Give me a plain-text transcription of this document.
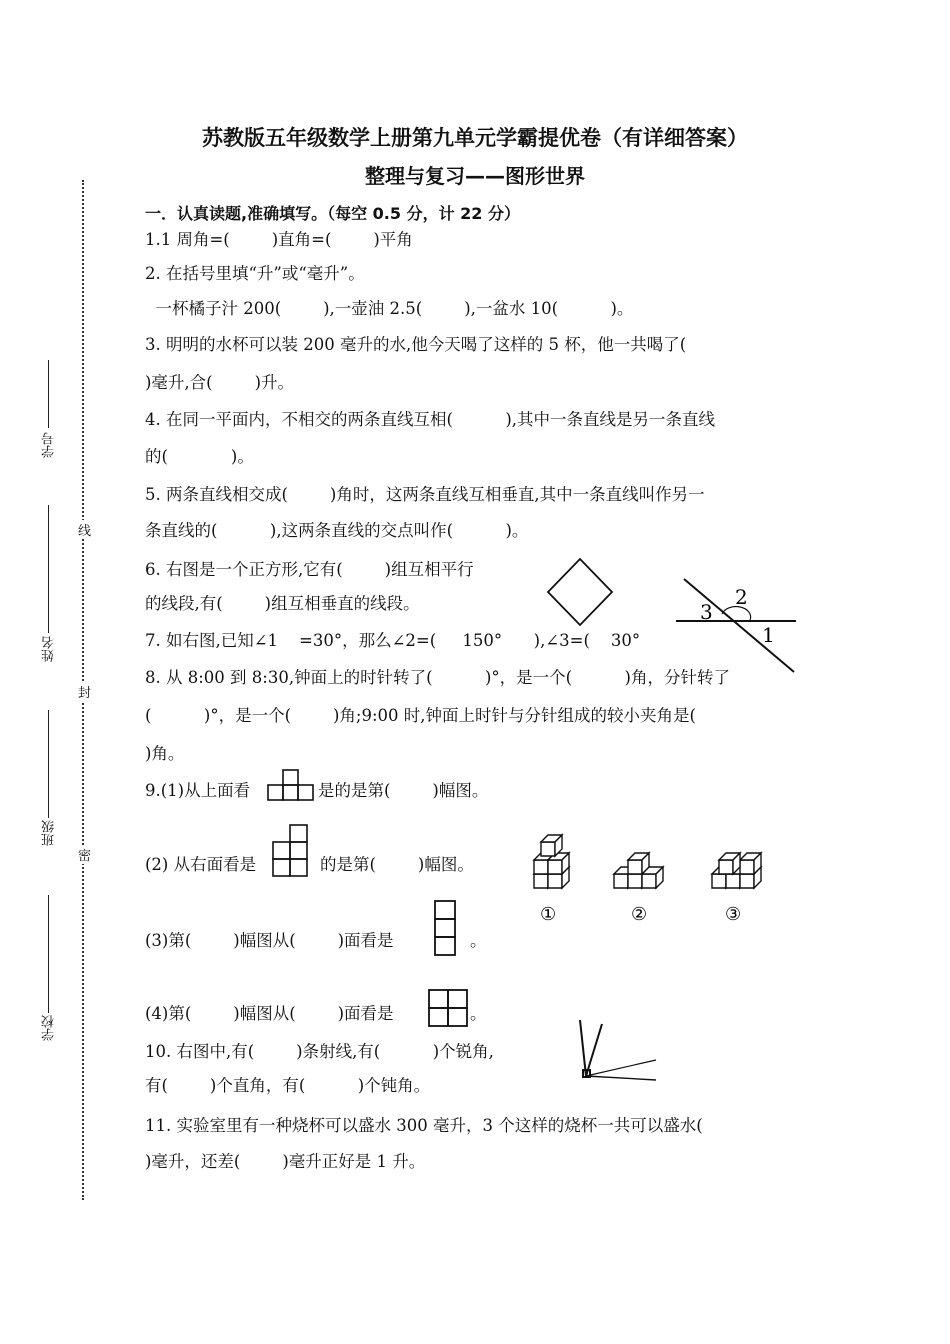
苏教版五年级数学上册第九单元学霸提优卷（有详细答案）
整理与复习——图形世界
线
封
密
学号
姓名
班级
学校
一．认真读题,准确填写。（每空 0.5 分，计 22 分）
1.1 周角=(        )直角=(        )平角
2. 在括号里填“升”或“毫升”。
一杯橘子汁 200(        ),一壶油 2.5(        ),一盆水 10(          )。
3. 明明的水杯可以装 200 毫升的水,他今天喝了这样的 5 杯，他一共喝了(
)毫升,合(        )升。
4. 在同一平面内，不相交的两条直线互相(          ),其中一条直线是另一条直线
的(            )。
5. 两条直线相交成(        )角时，这两条直线互相垂直,其中一条直线叫作另一
条直线的(          ),这两条直线的交点叫作(          )。
6. 右图是一个正方形,它有(        )组互相平行
的线段,有(        )组互相垂直的线段。
7. 如右图,已知∠1    =30°，那么∠2=(     150°      ),∠3=(    30°
8. 从 8:00 到 8:30,钟面上的时针转了(          )°，是一个(          )角，分针转了
(          )°，是一个(        )角;9:00 时,钟面上时针与分针组成的较小夹角是(
)角。
9.(1)从上面看	是的是第(        )幅图。
(2) 从右面看是	的是第(        )幅图。
(3)第(        )幅图从(        )面看是	。
(4)第(        )幅图从(        )面看是	。
10. 右图中,有(        )条射线,有(          )个锐角,
有(        )个直角，有(          )个钝角。
11. 实验室里有一种烧杯可以盛水 300 毫升，3 个这样的烧杯一共可以盛水(
)毫升，还差(        )毫升正好是 1 升。
3
2
1
①	②	③
